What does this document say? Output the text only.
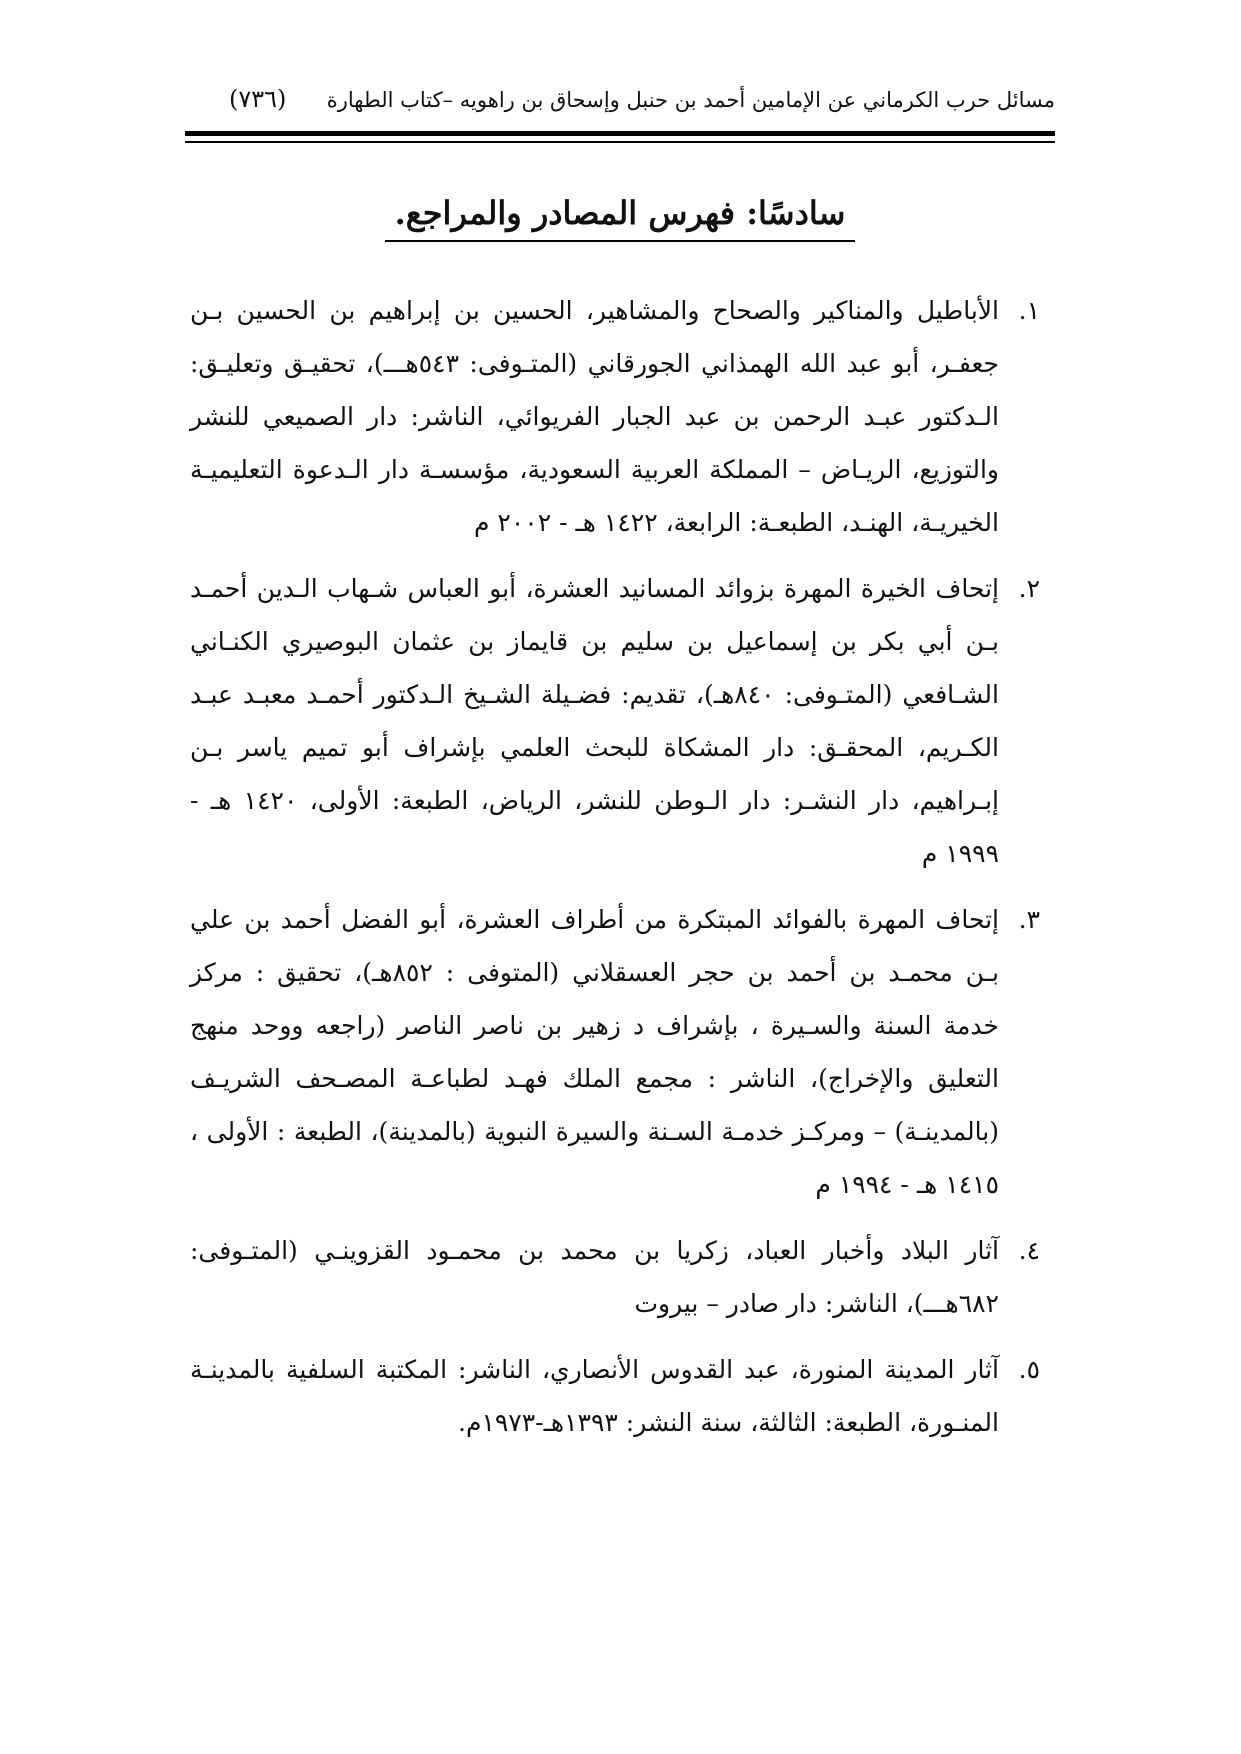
مسائل حرب الكرماني عن الإمامين أحمد بن حنبل وإسحاق بن راهويه –كتاب الطهارة
(٧٣٦)
سادسًا: فهرس المصادر والمراجع.
١.
الأباطيل والمناكير والصحاح والمشاهير، الحسين بن إبراهيم بن الحسين بـن جعفـر، أبو عبد الله الهمذاني الجورقاني (المتـوفى: ٥٤٣هـــ)، تحقيـق وتعليـق: الـدكتور عبـد الرحمن بن عبد الجبار الفريوائي، الناشر: دار الصميعي للنشر والتوزيع، الريـاض – المملكة العربية السعودية، مؤسسـة دار الـدعوة التعليميـة الخيريـة، الهنـد، الطبعـة: الرابعة، ١٤٢٢ هـ - ٢٠٠٢ م
٢.
إتحاف الخيرة المهرة بزوائد المسانيد العشرة، أبو العباس شـهاب الـدين أحمـد بـن أبي بكر بن إسماعيل بن سليم بن قايماز بن عثمان البوصيري الكنـاني الشـافعي (المتـوفى: ٨٤٠هـ)، تقديم: فضـيلة الشـيخ الـدكتور أحمـد معبـد عبـد الكـريم، المحقـق: دار المشكاة للبحث العلمي بإشراف أبو تميم ياسر بـن إبـراهيم، دار النشـر: دار الـوطن للنشر، الرياض، الطبعة: الأولى، ١٤٢٠ هـ - ١٩٩٩ م
٣.
إتحاف المهرة بالفوائد المبتكرة من أطراف العشرة، أبو الفضل أحمد بن علي بـن محمـد بن أحمد بن حجر العسقلاني (المتوفى : ٨٥٢هـ)، تحقيق : مركز خدمة السنة والسـيرة ، بإشراف د زهير بن ناصر الناصر (راجعه ووحد منهج التعليق والإخراج)، الناشر : مجمع الملك فهـد لطباعـة المصـحف الشريـف (بالمدينـة) – ومركـز خدمـة السـنة والسيرة النبوية (بالمدينة)، الطبعة : الأولى ، ١٤١٥ هـ - ١٩٩٤ م
٤.
آثار البلاد وأخبار العباد، زكريا بن محمد بن محمـود القزوينـي (المتـوفى: ٦٨٢هـــ)، الناشر: دار صادر – بيروت
٥.
آثار المدينة المنورة، عبد القدوس الأنصاري، الناشر: المكتبة السلفية بالمدينـة المنـورة، الطبعة: الثالثة، سنة النشر: ١٣٩٣هـ-١٩٧٣م.
